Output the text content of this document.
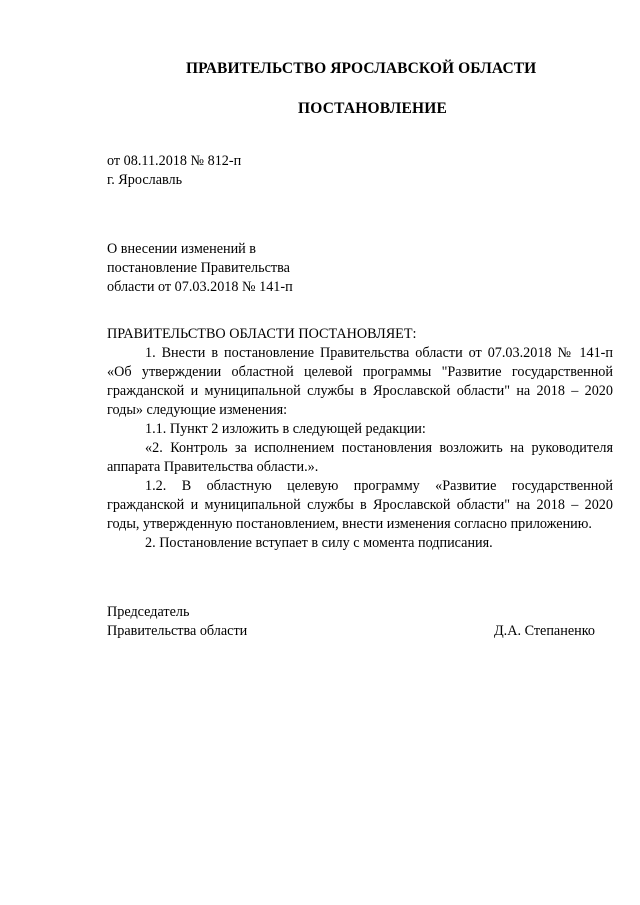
ПРАВИТЕЛЬСТВО ЯРОСЛАВСКОЙ ОБЛАСТИ
ПОСТАНОВЛЕНИЕ
от 08.11.2018 № 812-п
г. Ярославль
О внесении изменений в
постановление Правительства
области от 07.03.2018 № 141-п

ПРАВИТЕЛЬСТВО ОБЛАСТИ ПОСТАНОВЛЯЕТ:

1. Внести в постановление Правительства области от 07.03.2018 № 141-п «Об утверждении областной целевой программы "Развитие государственной гражданской и муниципальной службы в Ярославской области" на 2018 – 2020 годы» следующие изменения:

1.1. Пункт 2 изложить в следующей редакции:

«2. Контроль за исполнением постановления возложить на руководителя аппарата Правительства области.».

1.2. В областную целевую программу «Развитие государственной гражданской и муниципальной службы в Ярославской области" на 2018 – 2020 годы, утвержденную постановлением, внести изменения согласно приложению.

2. Постановление вступает в силу с момента подписания.

Председатель
Правительства области	Д.А. Степаненко
